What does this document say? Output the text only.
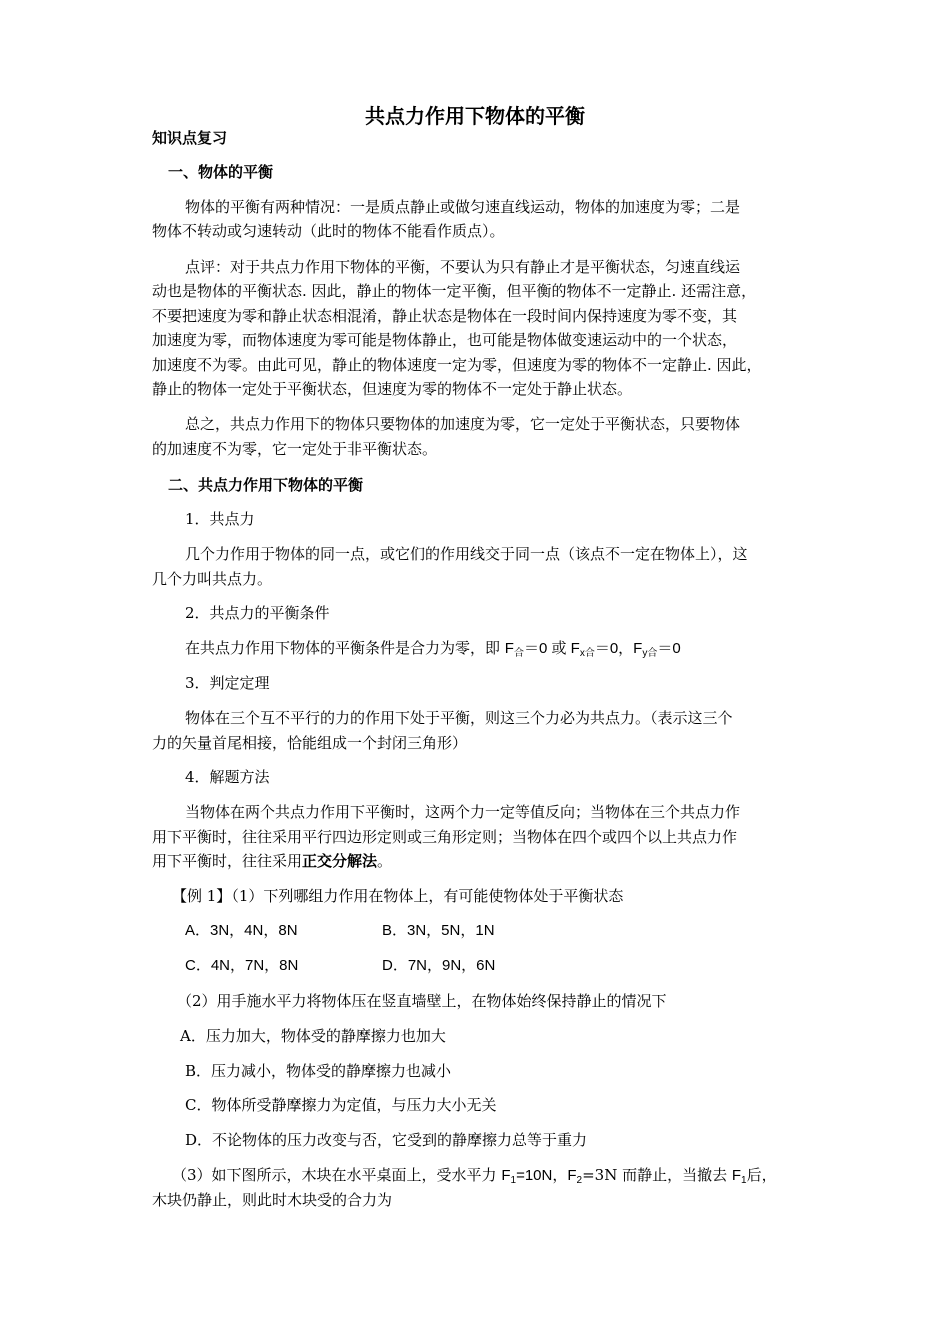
共点力作用下物体的平衡
知识点复习
一、物体的平衡
物体的平衡有两种情况：一是质点静止或做匀速直线运动，物体的加速度为零；二是
物体不转动或匀速转动（此时的物体不能看作质点）。
点评：对于共点力作用下物体的平衡，不要认为只有静止才是平衡状态，匀速直线运
动也是物体的平衡状态. 因此，静止的物体一定平衡，但平衡的物体不一定静止. 还需注意，
不要把速度为零和静止状态相混淆，静止状态是物体在一段时间内保持速度为零不变，其
加速度为零，而物体速度为零可能是物体静止，也可能是物体做变速运动中的一个状态，
加速度不为零。由此可见，静止的物体速度一定为零，但速度为零的物体不一定静止. 因此，
静止的物体一定处于平衡状态，但速度为零的物体不一定处于静止状态。
总之，共点力作用下的物体只要物体的加速度为零，它一定处于平衡状态，只要物体
的加速度不为零，它一定处于非平衡状态。
二、共点力作用下物体的平衡
1．共点力
几个力作用于物体的同一点，或它们的作用线交于同一点（该点不一定在物体上），这
几个力叫共点力。
2．共点力的平衡条件
在共点力作用下物体的平衡条件是合力为零，即 $F_合=0$ 或 $F_{x合}=0$，$F_{y合}=0$
3．判定定理
物体在三个互不平行的力的作用下处于平衡，则这三个力必为共点力。（表示这三个
力的矢量首尾相接，恰能组成一个封闭三角形）
4．解题方法
当物体在两个共点力作用下平衡时，这两个力一定等值反向；当物体在三个共点力作
用下平衡时，往往采用平行四边形定则或三角形定则；当物体在四个或四个以上共点力作
用下平衡时，往往采用正交分解法。
【例 1】（1）下列哪组力作用在物体上，有可能使物体处于平衡状态
A．3N，4N，8N	B．3N，5N，1N
C．4N，7N，8N	D．7N，9N，6N
（2）用手施水平力将物体压在竖直墙壁上，在物体始终保持静止的情况下
A．压力加大，物体受的静摩擦力也加大
B．压力减小，物体受的静摩擦力也减小
C．物体所受静摩擦力为定值，与压力大小无关
D．不论物体的压力改变与否，它受到的静摩擦力总等于重力
（3）如下图所示，木块在水平桌面上，受水平力 $F_1=10N$，$F_2=3N$ 而静止，当撤去 $F_1$后，
木块仍静止，则此时木块受的合力为
